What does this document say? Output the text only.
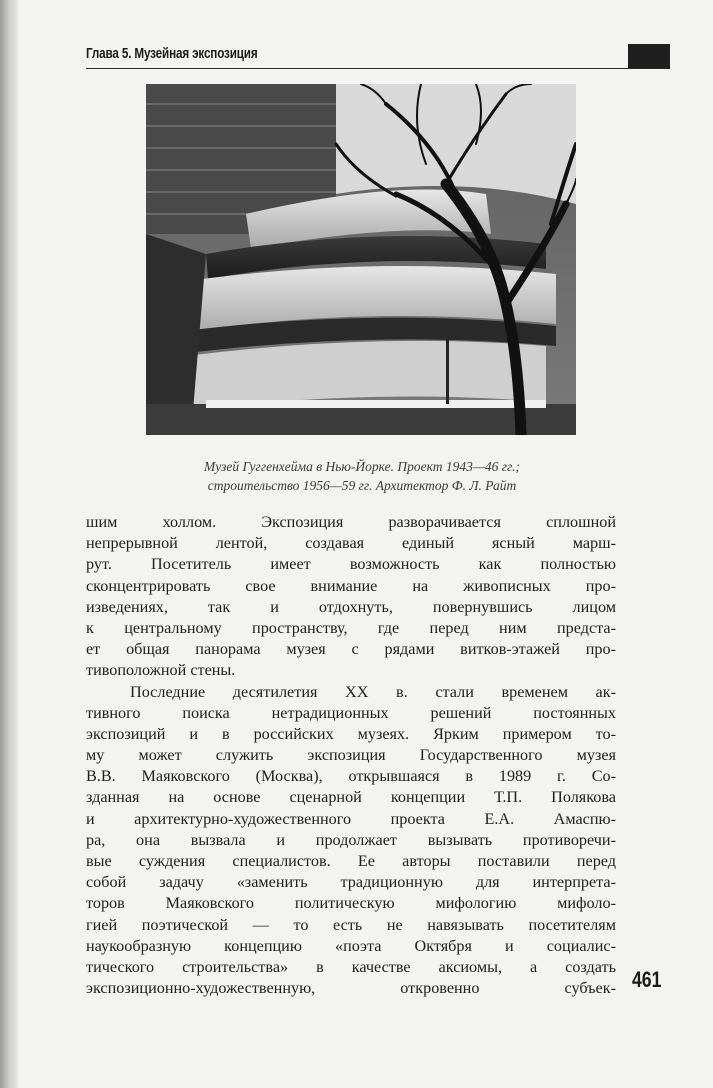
Глава 5. Музейная экспозиция
Музей Гуггенхейма в Нью-Йорке. Проект 1943—46 гг.;
строительство 1956—59 гг. Архитектор Ф. Л. Райт
шим холлом. Экспозиция разворачивается сплошной
непрерывной лентой, создавая единый ясный марш-
рут. Посетитель имеет возможность как полностью
сконцентрировать свое внимание на живописных про-
изведениях, так и отдохнуть, повернувшись лицом
к центральному пространству, где перед ним предста-
ет общая панорама музея с рядами витков-этажей про-
тивоположной стены.
Последние десятилетия XX в. стали временем ак-
тивного поиска нетрадиционных решений постоянных
экспозиций и в российских музеях. Ярким примером то-
му может служить экспозиция Государственного музея
В.В. Маяковского (Москва), открывшаяся в 1989 г. Со-
зданная на основе сценарной концепции Т.П. Полякова
и архитектурно-художественного проекта Е.А. Амаспю-
ра, она вызвала и продолжает вызывать противоречи-
вые суждения специалистов. Ее авторы поставили перед
собой задачу «заменить традиционную для интерпрета-
торов Маяковского политическую мифологию мифоло-
гией поэтической — то есть не навязывать посетителям
наукообразную концепцию «поэта Октября и социалис-
тического строительства» в качестве аксиомы, а создать
экспозиционно-художественную, откровенно субъек- 461
